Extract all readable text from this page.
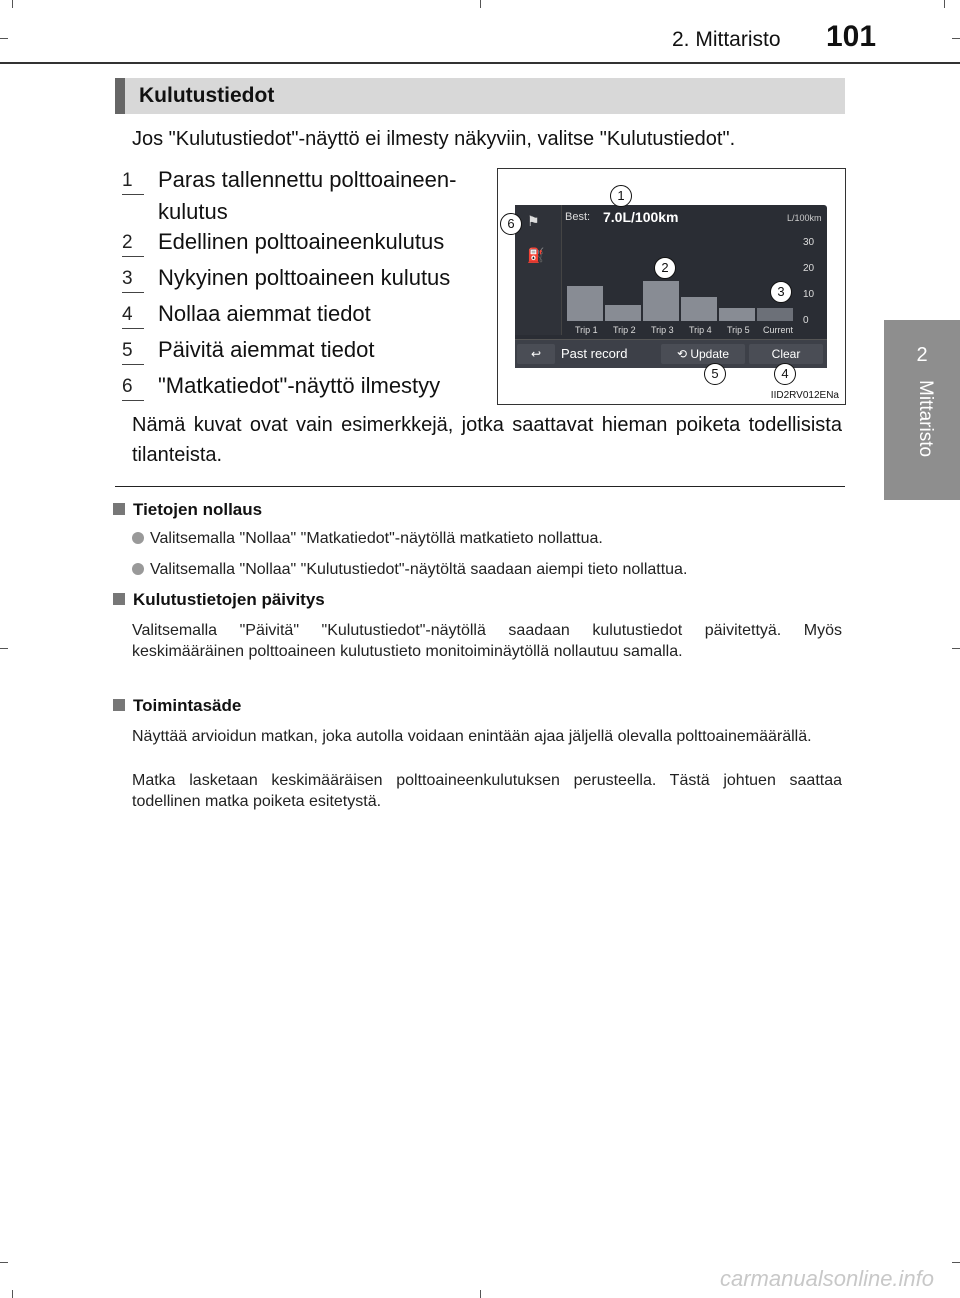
2. Mittaristo 101
2
Mittaristo
Kulutustiedot
Jos "Kulutustiedot"-näyttö ei ilmesty näkyviin, valitse "Kulutustiedot".
1	Paras tallennettu polttoaineen-
kulutus
2	Edellinen polttoaineenkulutus
3	Nykyinen polttoaineen kulutus
4	Nollaa aiemmat tiedot
5	Päivitä aiemmat tiedot
6	"Matkatiedot"-näyttö ilmestyy
⚑
⛽
Best: 7.0L/100km	L/100km
30
20
10
0
Trip 1 Trip 2 Trip 3 Trip 4 Trip 5 Current
↩	Past record	⟲ Update	Clear
1
2
3
4
5
6
IID2RV012ENa
Nämä kuvat ovat vain esimerkkejä, jotka saattavat hieman poiketa todellisista tilanteista.
Tietojen nollaus
Valitsemalla "Nollaa" "Matkatiedot"-näytöllä matkatieto nollattua.
Valitsemalla "Nollaa" "Kulutustiedot"-näytöltä saadaan aiempi tieto nollattua.
Kulutustietojen päivitys
Valitsemalla "Päivitä" "Kulutustiedot"-näytöllä saadaan kulutustiedot päivitettyä. Myös keskimääräinen polttoaineen kulutustieto monitoiminäytöllä nollautuu samalla.
Toimintasäde
Näyttää arvioidun matkan, joka autolla voidaan enintään ajaa jäljellä olevalla polttoainemäärällä.
Matka lasketaan keskimääräisen polttoaineenkulutuksen perusteella. Tästä johtuen saattaa todellinen matka poiketa esitetystä.
carmanualsonline.info
